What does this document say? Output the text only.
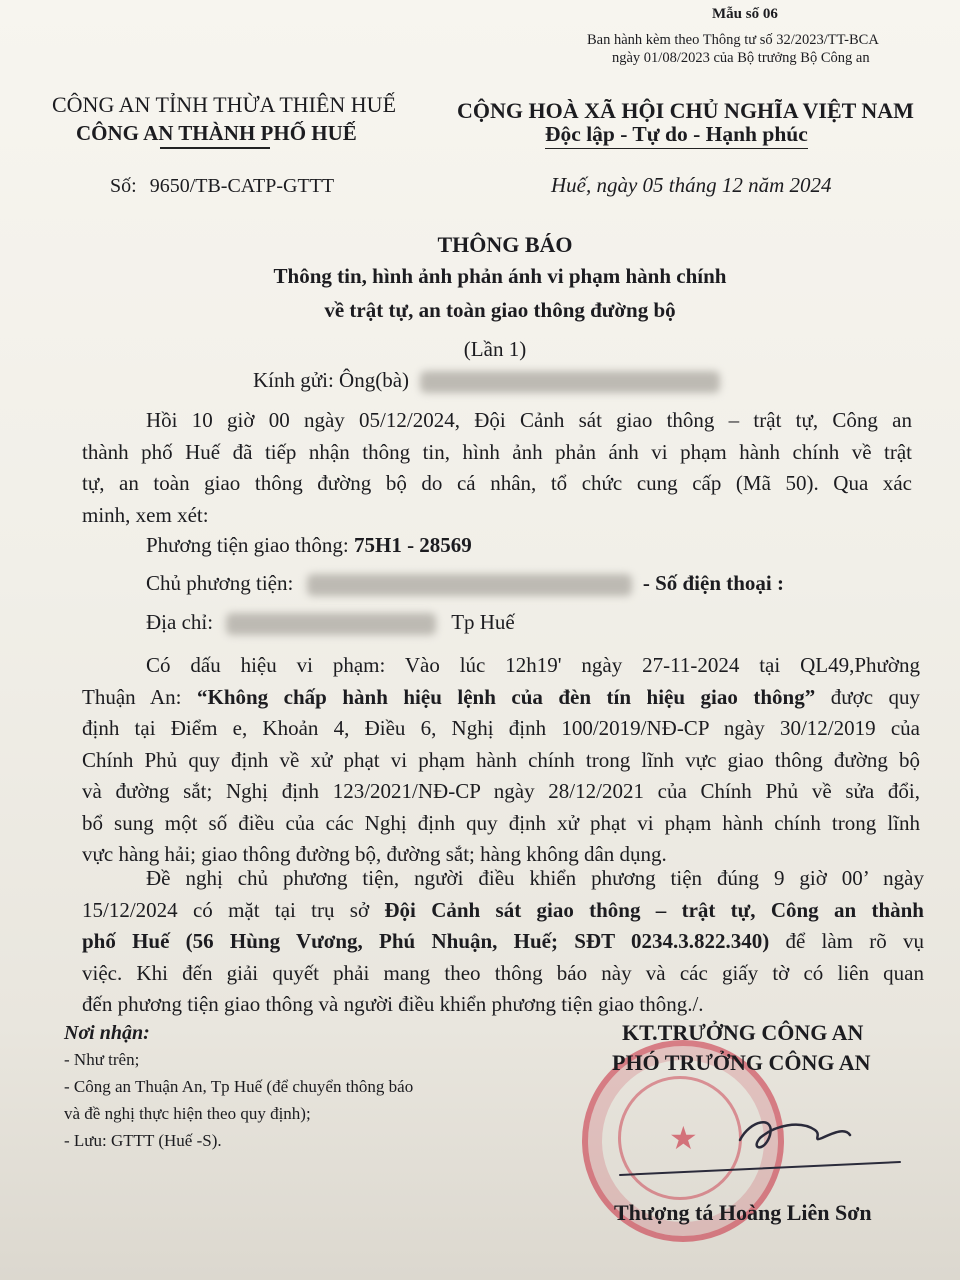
Mẫu số 06
Ban hành kèm theo Thông tư số 32/2023/TT-BCA
ngày 01/08/2023 của Bộ trưởng Bộ Công an
CÔNG AN TỈNH THỪA THIÊN HUẾ
CÔNG AN THÀNH PHỐ HUẾ
Số: 9650/TB-CATP-GTTT
CỘNG HOÀ XÃ HỘI CHỦ NGHĨA VIỆT NAM
Độc lập - Tự do - Hạnh phúc
Huế, ngày 05 tháng 12 năm 2024
THÔNG BÁO
Thông tin, hình ảnh phản ánh vi phạm hành chính
về trật tự, an toàn giao thông đường bộ
(Lần 1)
Kính gửi: Ông(bà)
Hồi 10 giờ 00 ngày 05/12/2024, Đội Cảnh sát giao thông – trật tự, Công an
thành phố Huế đã tiếp nhận thông tin, hình ảnh phản ánh vi phạm hành chính về trật
tự, an toàn giao thông đường bộ do cá nhân, tổ chức cung cấp (Mã 50). Qua xác
minh, xem xét:
Phương tiện giao thông: 75H1 - 28569
Chủ phương tiện:	- Số điện thoại :
Địa chỉ:	Tp Huế
Có dấu hiệu vi phạm: Vào lúc 12h19' ngày 27-11-2024 tại QL49,Phường
Thuận An: “Không chấp hành hiệu lệnh của đèn tín hiệu giao thông” được quy
định tại Điểm e, Khoản 4, Điều 6, Nghị định 100/2019/NĐ-CP ngày 30/12/2019 của
Chính Phủ quy định về xử phạt vi phạm hành chính trong lĩnh vực giao thông đường bộ
và đường sắt; Nghị định 123/2021/NĐ-CP ngày 28/12/2021 của Chính Phủ về sửa đổi,
bổ sung một số điều của các Nghị định quy định xử phạt vi phạm hành chính trong lĩnh
vực hàng hải; giao thông đường bộ, đường sắt; hàng không dân dụng.
Đề nghị chủ phương tiện, người điều khiển phương tiện đúng 9 giờ 00’ ngày
15/12/2024 có mặt tại trụ sở Đội Cảnh sát giao thông – trật tự, Công an thành
phố Huế (56 Hùng Vương, Phú Nhuận, Huế; SĐT 0234.3.822.340) để làm rõ vụ
việc. Khi đến giải quyết phải mang theo thông báo này và các giấy tờ có liên quan
đến phương tiện giao thông và người điều khiển phương tiện giao thông./.
Nơi nhận:
- Như trên;
- Công an Thuận An, Tp Huế (để chuyển thông báo
và đề nghị thực hiện theo quy định);
- Lưu: GTTT (Huế -S).	★
KT.TRƯỞNG CÔNG AN
PHÓ TRƯỞNG CÔNG AN
Thượng tá Hoàng Liên Sơn
